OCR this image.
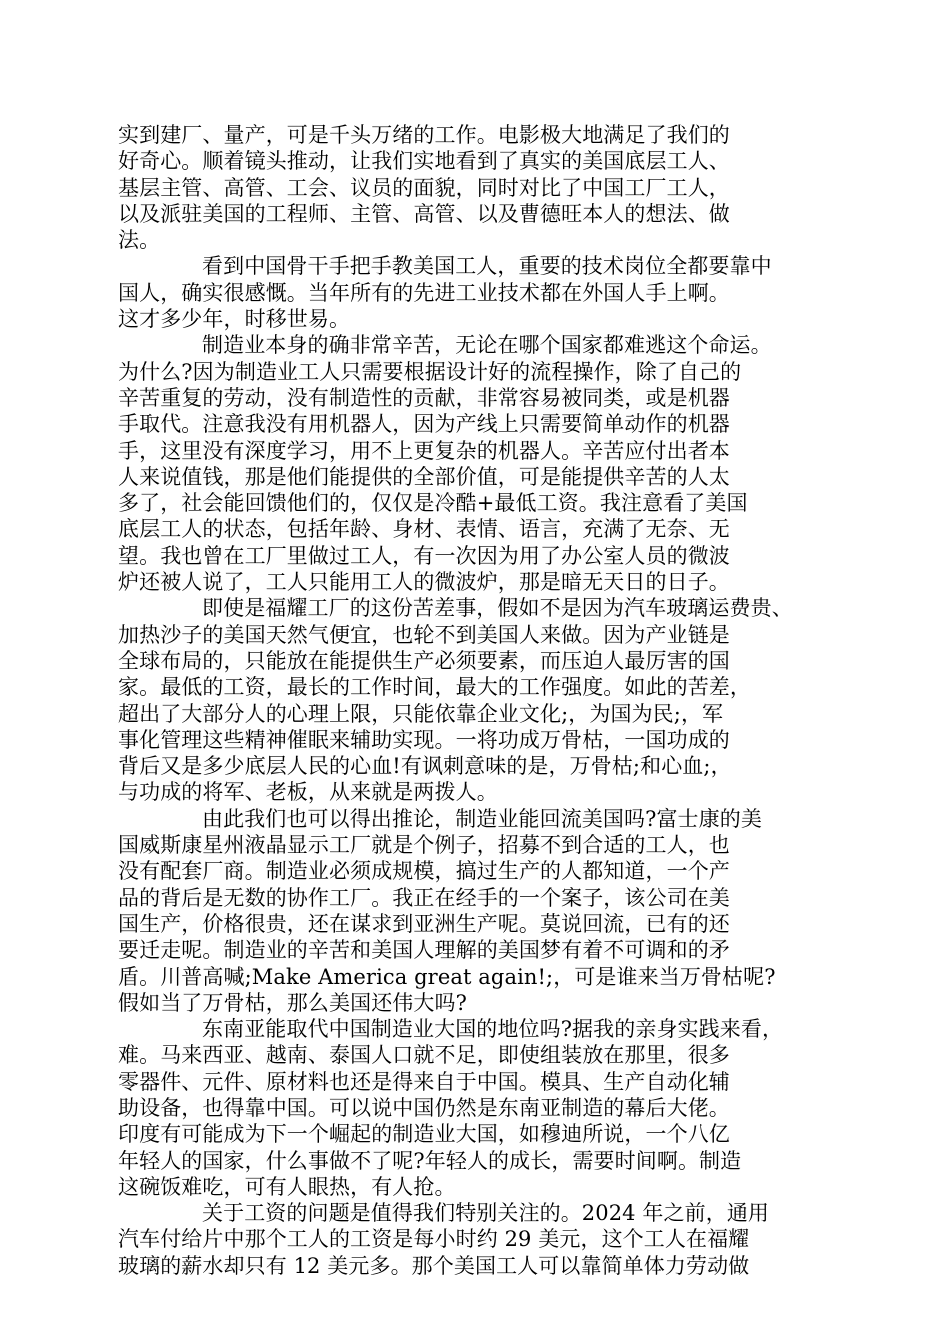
实到建厂、量产，可是千头万绪的工作。电影极大地满足了我们的
好奇心。顺着镜头推动，让我们实地看到了真实的美国底层工人、
基层主管、高管、工会、议员的面貌，同时对比了中国工厂工人，
以及派驻美国的工程师、主管、高管、以及曹德旺本人的想法、做
法。
看到中国骨干手把手教美国工人，重要的技术岗位全都要靠中
国人，确实很感慨。当年所有的先进工业技术都在外国人手上啊。
这才多少年，时移世易。
制造业本身的确非常辛苦，无论在哪个国家都难逃这个命运。
为什么?因为制造业工人只需要根据设计好的流程操作，除了自己的
辛苦重复的劳动，没有制造性的贡献，非常容易被同类，或是机器
手取代。注意我没有用机器人，因为产线上只需要简单动作的机器
手，这里没有深度学习，用不上更复杂的机器人。辛苦应付出者本
人来说值钱，那是他们能提供的全部价值，可是能提供辛苦的人太
多了，社会能回馈他们的，仅仅是冷酷+最低工资。我注意看了美国
底层工人的状态，包括年龄、身材、表情、语言，充满了无奈、无
望。我也曾在工厂里做过工人，有一次因为用了办公室人员的微波
炉还被人说了，工人只能用工人的微波炉，那是暗无天日的日子。
即使是福耀工厂的这份苦差事，假如不是因为汽车玻璃运费贵、
加热沙子的美国天然气便宜，也轮不到美国人来做。因为产业链是
全球布局的，只能放在能提供生产必须要素，而压迫人最厉害的国
家。最低的工资，最长的工作时间，最大的工作强度。如此的苦差，
超出了大部分人的心理上限，只能依靠企业文化;，为国为民;，军
事化管理这些精神催眠来辅助实现。一将功成万骨枯，一国功成的
背后又是多少底层人民的心血!有讽刺意味的是，万骨枯;和心血;，
与功成的将军、老板，从来就是两拨人。
由此我们也可以得出推论，制造业能回流美国吗?富士康的美
国威斯康星州液晶显示工厂就是个例子，招募不到合适的工人，也
没有配套厂商。制造业必须成规模，搞过生产的人都知道，一个产
品的背后是无数的协作工厂。我正在经手的一个案子，该公司在美
国生产，价格很贵，还在谋求到亚洲生产呢。莫说回流，已有的还
要迁走呢。制造业的辛苦和美国人理解的美国梦有着不可调和的矛
盾。川普高喊;Make America great again!;，可是谁来当万骨枯呢?
假如当了万骨枯，那么美国还伟大吗?
东南亚能取代中国制造业大国的地位吗?据我的亲身实践来看，
难。马来西亚、越南、泰国人口就不足，即使组装放在那里，很多
零器件、元件、原材料也还是得来自于中国。模具、生产自动化辅
助设备，也得靠中国。可以说中国仍然是东南亚制造的幕后大佬。
印度有可能成为下一个崛起的制造业大国，如穆迪所说，一个八亿
年轻人的国家，什么事做不了呢?年轻人的成长，需要时间啊。制造
这碗饭难吃，可有人眼热，有人抢。
关于工资的问题是值得我们特别关注的。2024 年之前，通用
汽车付给片中那个工人的工资是每小时约 29 美元，这个工人在福耀
玻璃的薪水却只有 12 美元多。那个美国工人可以靠简单体力劳动做
